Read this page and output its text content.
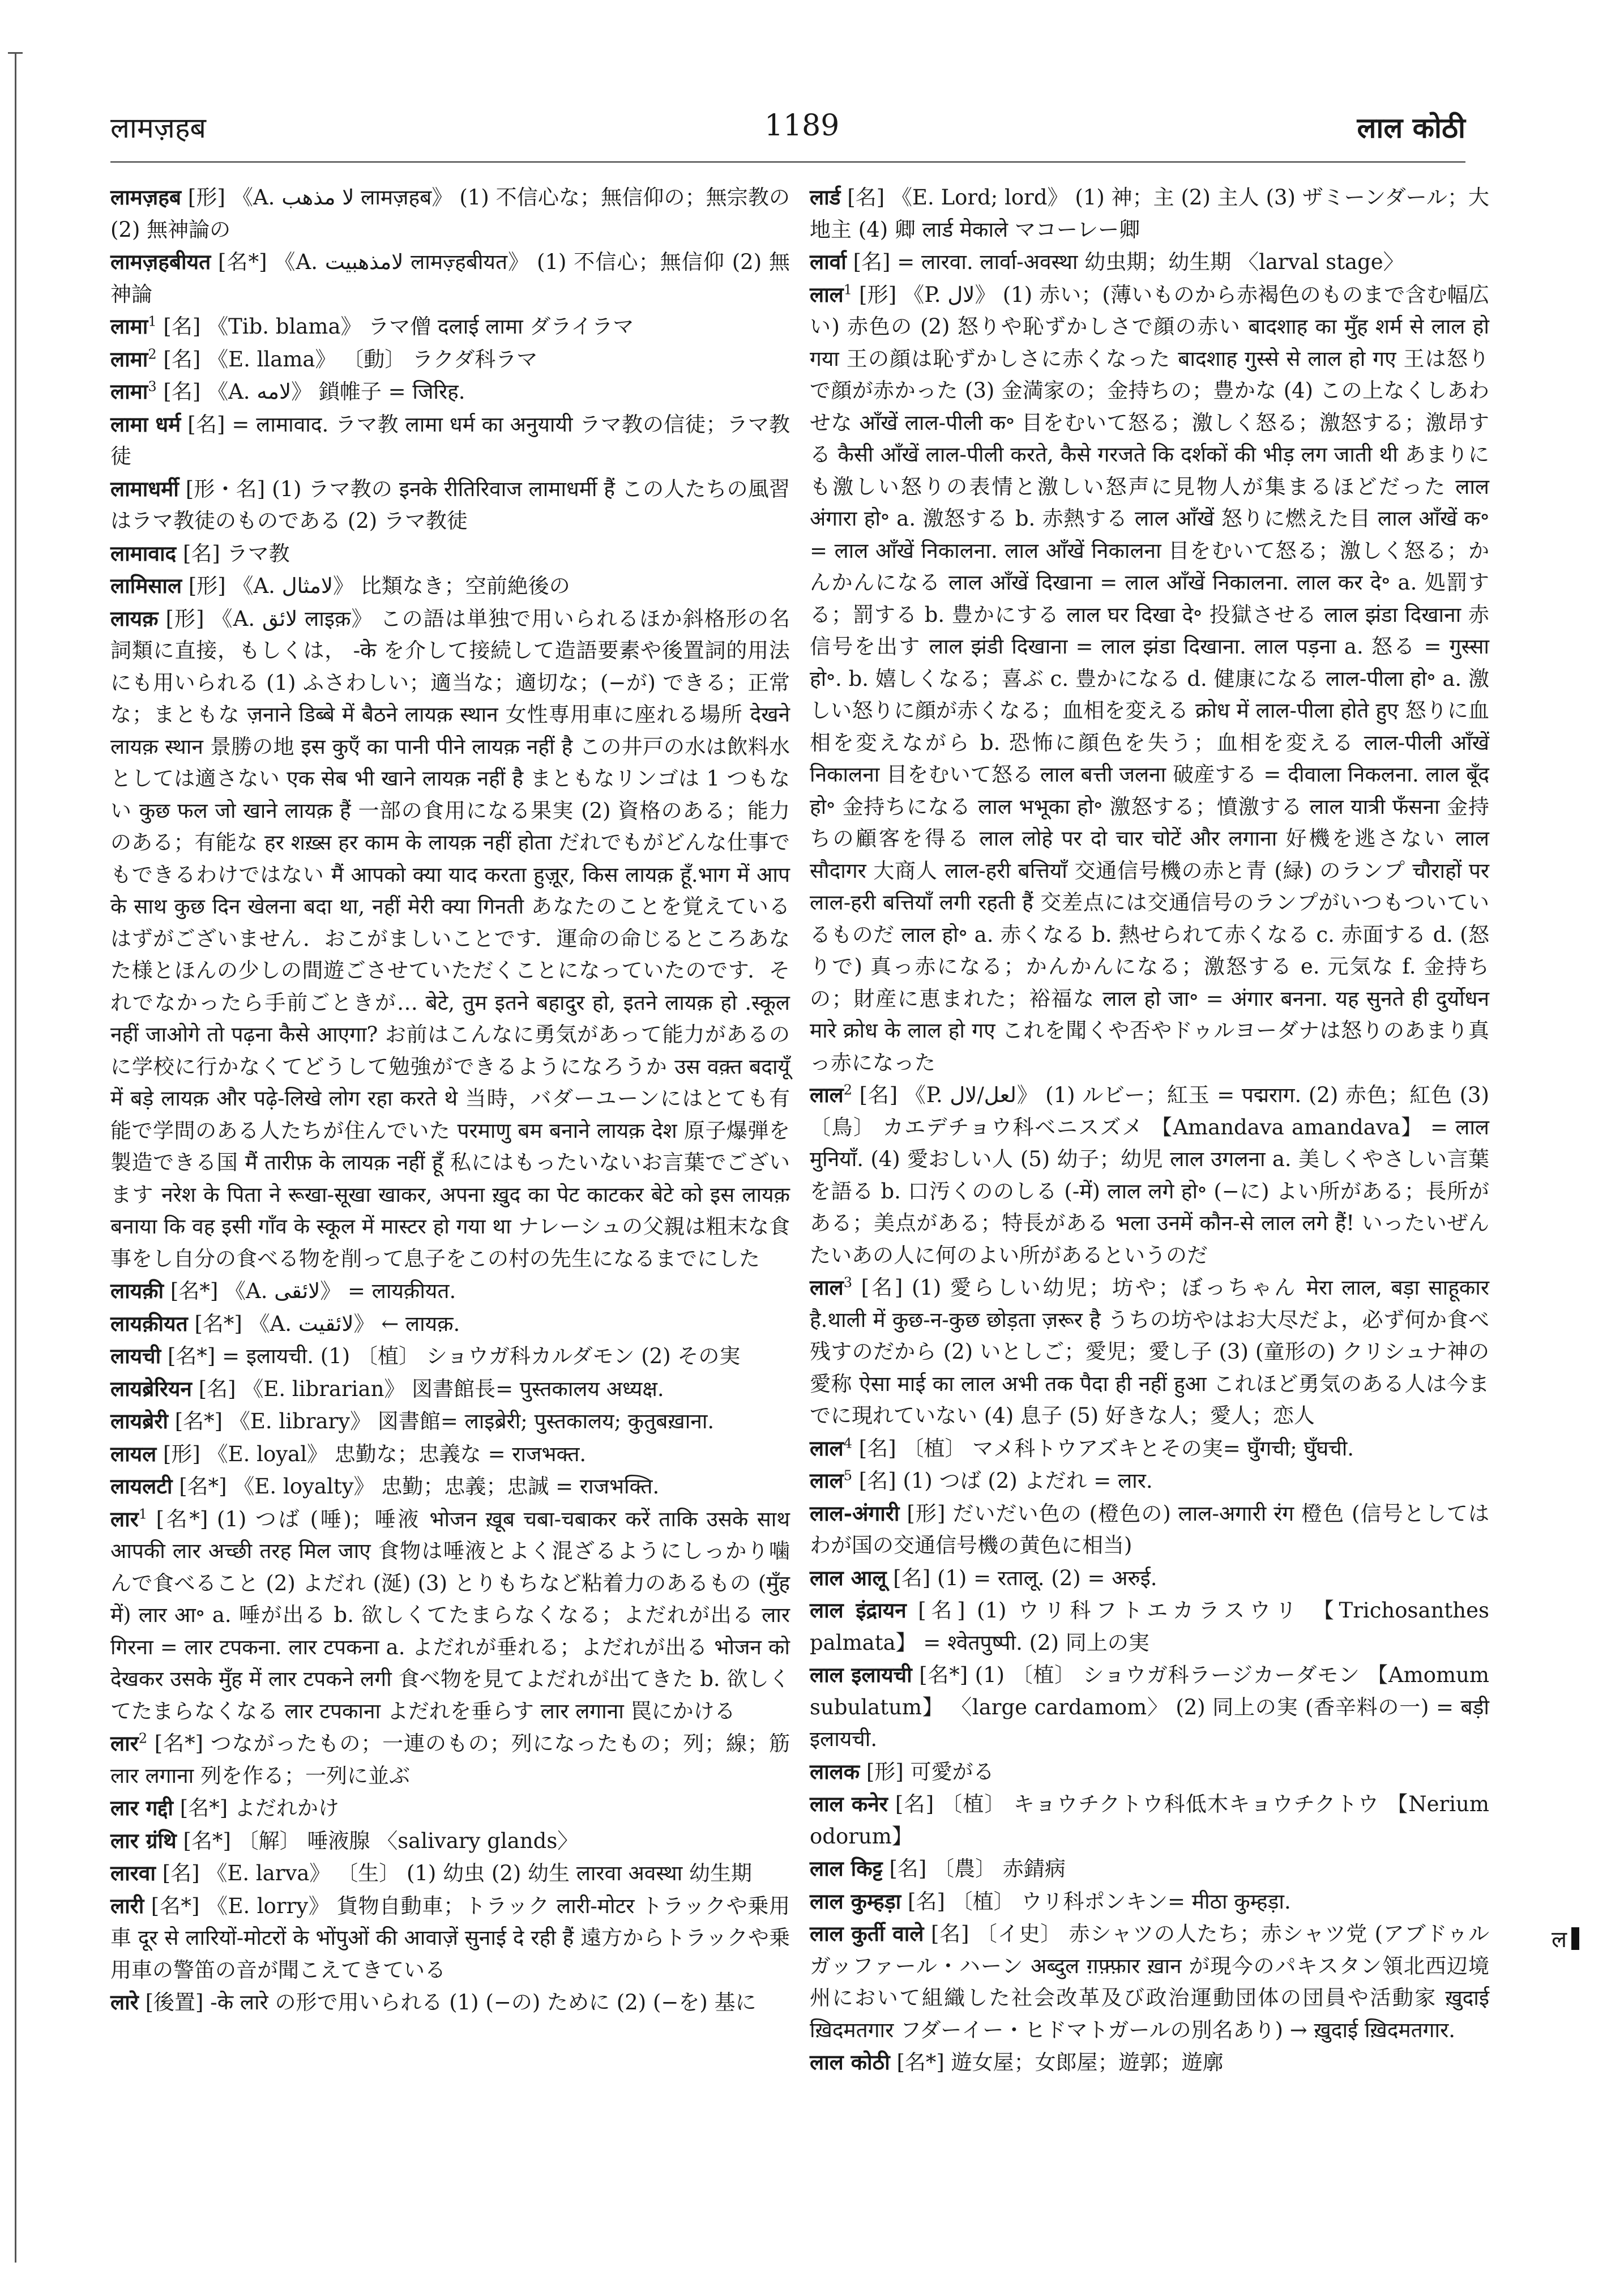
लामज़हब	1189	लाल कोठी

लामज़हब [形] 《A. لا مذهب लामज़हब》 (1) 不信心な；無信仰の；無宗教の (2) 無神論の

लामज़हबीयत [名*] 《A. لامذهبیت लामज़्हबीयत》 (1) 不信心；無信仰 (2) 無神論

लामा$^1$ [名] 《Tib. blama》 ラマ僧 दलाई लामा ダライラマ

लामा$^2$ [名] 《E. llama》 〔動〕 ラクダ科ラマ

लामा$^3$ [名] 《A. لامه》 鎖帷子 = जिरिह.

लामा धर्म [名] = लामावाद. ラマ教 लामा धर्म का अनुयायी ラマ教の信徒；ラマ教徒

लामाधर्मी [形・名] (1) ラマ教の इनके रीतिरिवाज लामाधर्मी हैं この人たちの風習はラマ教徒のものである (2) ラマ教徒

लामावाद [名] ラマ教

लामिसाल [形] 《A. لامثال》 比類なき；空前絶後の

लायक़ [形] 《A. لائق लाइक़》 この語は単独で用いられるほか斜格形の名詞類に直接，もしくは， -के を介して接続して造語要素や後置詞的用法にも用いられる (1) ふさわしい；適当な；適切な；(−が) できる；正常な；まともな ज़नाने डिब्बे में बैठने लायक़ स्थान 女性専用車に座れる場所 देखने लायक़ स्थान 景勝の地 इस कुएँ का पानी पीने लायक़ नहीं है この井戸の水は飲料水としては適さない एक सेब भी खाने लायक़ नहीं है まともなリンゴは 1 つもない कुछ फल जो खाने लायक़ हैं 一部の食用になる果実 (2) 資格のある；能力のある；有能な हर शख़्स हर काम के लायक़ नहीं होता だれでもがどんな仕事でもできるわけではない मैं आपको क्या याद करता हुज़ूर, किस लायक़ हूँ.भाग में आप के साथ कुछ दिन खेलना बदा था, नहीं मेरी क्या गिनती あなたのことを覚えているはずがございません．おこがましいことです．運命の命じるところあなた様とほんの少しの間遊ごさせていただくことになっていたのです．それでなかったら手前ごときが… बेटे, तुम इतने बहादुर हो, इतने लायक़ हो .स्कूल नहीं जाओगे तो पढ़ना कैसे आएगा? お前はこんなに勇気があって能力があるのに学校に行かなくてどうして勉強ができるようになろうか उस वक़्त बदायूँ में बड़े लायक़ और पढ़े-लिखे लोग रहा करते थे 当時，バダーユーンにはとても有能で学問のある人たちが住んでいた परमाणु बम बनाने लायक़ देश 原子爆弾を製造できる国 मैं तारीफ़ के लायक़ नहीं हूँ 私にはもったいないお言葉でございます नरेश के पिता ने रूखा-सूखा खाकर, अपना ख़ुद का पेट काटकर बेटे को इस लायक़ बनाया कि वह इसी गाँव के स्कूल में मास्टर हो गया था ナレーシュの父親は粗末な食事をし自分の食べる物を削って息子をこの村の先生になるまでにした

लायक़ी [名*] 《A. لائقی》 = लायक़ीयत.

लायक़ीयत [名*] 《A. لائقیت》 ← लायक़.

लायची [名*] = इलायची. (1) 〔植〕 ショウガ科カルダモン (2) その実

लायब्रेरियन [名] 《E. librarian》 図書館長= पुस्तकालय अध्यक्ष.

लायब्रेरी [名*] 《E. library》 図書館= लाइब्रेरी; पुस्तकालय; कुतुबख़ाना.

लायल [形] 《E. loyal》 忠勤な；忠義な = राजभक्त.

लायलटी [名*] 《E. loyalty》 忠勤；忠義；忠誠 = राजभक्ति.

लार$^1$ [名*] (1) つば (唾)；唾液 भोजन ख़ूब चबा-चबाकर करें ताकि उसके साथ आपकी लार अच्छी तरह मिल जाए 食物は唾液とよく混ざるようにしっかり噛んで食べること (2) よだれ (涎) (3) とりもちなど粘着力のあるもの (मुँह में) लार आ॰ a. 唾が出る b. 欲しくてたまらなくなる；よだれが出る लार गिरना = लार टपकना. लार टपकना a. よだれが垂れる；よだれが出る भोजन को देखकर उसके मुँह में लार टपकने लगी 食べ物を見てよだれが出てきた b. 欲しくてたまらなくなる लार टपकाना よだれを垂らす लार लगाना 罠にかける

लार$^2$ [名*] つながったもの；一連のもの；列になったもの；列；線；筋 लार लगाना 列を作る；一列に並ぶ

लार गद्दी [名*] よだれかけ

लार ग्रंथि [名*] 〔解〕 唾液腺 〈salivary glands〉

लारवा [名] 《E. larva》 〔生〕 (1) 幼虫 (2) 幼生 लारवा अवस्था 幼生期

लारी [名*] 《E. lorry》 貨物自動車；トラック लारी-मोटर トラックや乗用車 दूर से लारियों-मोटरों के भोंपुओं की आवाज़ें सुनाई दे रही हैं 遠方からトラックや乗用車の警笛の音が聞こえてきている

लारे [後置] -के लारे の形で用いられる (1) (−の) ために (2) (−を) 基に

लार्ड [名] 《E. Lord; lord》 (1) 神；主 (2) 主人 (3) ザミーンダール；大地主 (4) 卿 लार्ड मेकाले マコーレー卿

लार्वा [名] = लारवा. लार्वा-अवस्था 幼虫期；幼生期 〈larval stage〉

लाल$^1$ [形] 《P. لال》 (1) 赤い；(薄いものから赤褐色のものまで含む幅広い) 赤色の (2) 怒りや恥ずかしさで顔の赤い बादशाह का मुँह शर्म से लाल हो गया 王の顔は恥ずかしさに赤くなった बादशाह गुस्से से लाल हो गए 王は怒りで顔が赤かった (3) 金満家の；金持ちの；豊かな (4) この上なくしあわせな आँखें लाल-पीली क॰ 目をむいて怒る；激しく怒る；激怒する；激昂する कैसी आँखें लाल-पीली करते, कैसे गरजते कि दर्शकों की भीड़ लग जाती थी あまりにも激しい怒りの表情と激しい怒声に見物人が集まるほどだった लाल अंगारा हो॰ a. 激怒する b. 赤熱する लाल आँखें 怒りに燃えた目 लाल आँखें क॰ = लाल आँखें निकालना. लाल आँखें निकालना 目をむいて怒る；激しく怒る；かんかんになる लाल आँखें दिखाना = लाल आँखें निकालना. लाल कर दे॰ a. 処罰する；罰する b. 豊かにする लाल घर दिखा दे॰ 投獄させる लाल झंडा दिखाना 赤信号を出す लाल झंडी दिखाना = लाल झंडा दिखाना. लाल पड़ना a. 怒る = गुस्सा हो॰. b. 嬉しくなる；喜ぶ c. 豊かになる d. 健康になる लाल-पीला हो॰ a. 激しい怒りに顔が赤くなる；血相を変える क्रोध में लाल-पीला होते हुए 怒りに血相を変えながら b. 恐怖に顔色を失う；血相を変える लाल-पीली आँखें निकालना 目をむいて怒る लाल बत्ती जलना 破産する = दीवाला निकलना. लाल बूँद हो॰ 金持ちになる लाल भभूका हो॰ 激怒する；憤激する लाल यात्री फँसना 金持ちの顧客を得る लाल लोहे पर दो चार चोटें और लगाना 好機を逃さない लाल सौदागर 大商人 लाल-हरी बत्तियाँ 交通信号機の赤と青 (緑) のランプ चौराहों पर लाल-हरी बत्तियाँ लगी रहती हैं 交差点には交通信号のランプがいつもついているものだ लाल हो॰ a. 赤くなる b. 熱せられて赤くなる c. 赤面する d. (怒りで) 真っ赤になる；かんかんになる；激怒する e. 元気な f. 金持ちの；財産に恵まれた；裕福な लाल हो जा॰ = अंगार बनना. यह सुनते ही दुर्योधन मारे क्रोध के लाल हो गए これを聞くや否やドゥルヨーダナは怒りのあまり真っ赤になった

लाल$^2$ [名] 《P. لعل/لال》 (1) ルビー；紅玉 = पद्मराग. (2) 赤色；紅色 (3) 〔鳥〕 カエデチョウ科ベニスズメ 【Amandava amandava】 = लाल मुनियाँ. (4) 愛おしい人 (5) 幼子；幼児 लाल उगलना a. 美しくやさしい言葉を語る b. 口汚くののしる (-में) लाल लगे हो॰ (−に) よい所がある；長所がある；美点がある；特長がある भला उनमें कौन-से लाल लगे हैं! いったいぜんたいあの人に何のよい所があるというのだ

लाल$^3$ [名] (1) 愛らしい幼児；坊や；ぼっちゃん मेरा लाल, बड़ा साहूकार है.थाली में कुछ-न-कुछ छोड़ता ज़रूर है うちの坊やはお大尽だよ，必ず何か食べ残すのだから (2) いとしご；愛児；愛し子 (3) (童形の) クリシュナ神の愛称 ऐसा माई का लाल अभी तक पैदा ही नहीं हुआ これほど勇気のある人は今までに現れていない (4) 息子 (5) 好きな人；愛人；恋人

लाल$^4$ [名] 〔植〕 マメ科トウアズキとその実= घुँगची; घुँघची.

लाल$^5$ [名] (1) つば (2) よだれ = लार.

लाल-अंगारी [形] だいだい色の (橙色の) लाल-अगारी रंग 橙色 (信号としてはわが国の交通信号機の黄色に相当)

लाल आलू [名] (1) = रतालू. (2) = अरुई.

लाल इंद्रायन [名] (1) ウリ科フトエカラスウリ 【Trichosanthes palmata】 = श्वेतपुष्पी. (2) 同上の実

लाल इलायची [名*] (1) 〔植〕 ショウガ科ラージカーダモン 【Amomum subulatum】 〈large cardamom〉 (2) 同上の実 (香辛料の一) = बड़ी इलायची.

लालक [形] 可愛がる

लाल कनेर [名] 〔植〕 キョウチクトウ科低木キョウチクトウ 【Nerium odorum】

लाल किट्ट [名] 〔農〕 赤錆病

लाल कुम्हड़ा [名] 〔植〕 ウリ科ポンキン= मीठा कुम्हड़ा.

लाल कुर्ती वाले [名] 〔イ史〕 赤シャツの人たち；赤シャツ党 (アブドゥルガッファール・ハーン अब्दुल ग़फ़्फ़ार ख़ान が現今のパキスタン領北西辺境州において組織した社会改革及び政治運動団体の団員や活動家 ख़ुदाई ख़िदमतगार フダーイー・ヒドマトガールの別名あり) → ख़ुदाई ख़िदमतगार.

लाल कोठी [名*] 遊女屋；女郎屋；遊郭；遊廓

ल
